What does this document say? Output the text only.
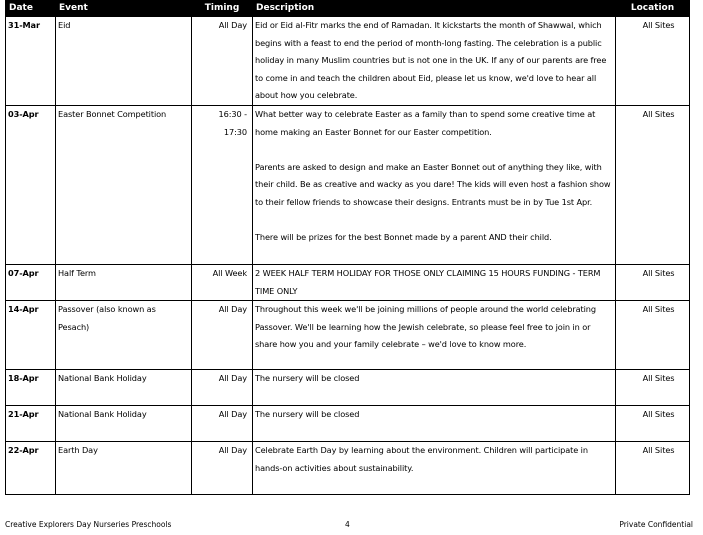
Date	Event	Timing	Description	Location
31-Mar	Eid	All Day	Eid or Eid al-Fitr marks the end of Ramadan. It kickstarts the month of Shawwal, which begins with a feast to end the period of month-long fasting. The celebration is a public holiday in many Muslim countries but is not one in the UK. If any of our parents are free to come in and teach the children about Eid, please let us know, we'd love to hear all about how you celebrate.	All Sites
03-Apr	Easter Bonnet Competition	16:30 - 17:30	What better way to celebrate Easter as a family than to spend some creative time at home making an Easter Bonnet for our Easter competition.
Parents are asked to design and make an Easter Bonnet out of anything they like, with their child. Be as creative and wacky as you dare! The kids will even host a fashion show to their fellow friends to showcase their designs. Entrants must be in by Tue 1st Apr.
There will be prizes for the best Bonnet made by a parent AND their child.	All Sites
07-Apr	Half Term	All Week	2 WEEK HALF TERM HOLIDAY FOR THOSE ONLY CLAIMING 15 HOURS FUNDING - TERM TIME ONLY	All Sites
14-Apr	Passover (also known as Pesach)	All Day	Throughout this week we'll be joining millions of people around the world celebrating Passover. We'll be learning how the Jewish celebrate, so please feel free to join in or share how you and your family celebrate – we'd love to know more.	All Sites
18-Apr	National Bank Holiday	All Day	The nursery will be closed	All Sites
21-Apr	National Bank Holiday	All Day	The nursery will be closed	All Sites
22-Apr	Earth Day	All Day	Celebrate Earth Day by learning about the environment. Children will participate in hands-on activities about sustainability.	All Sites
Creative Explorers Day Nurseries Preschools	4	Private Confidential
